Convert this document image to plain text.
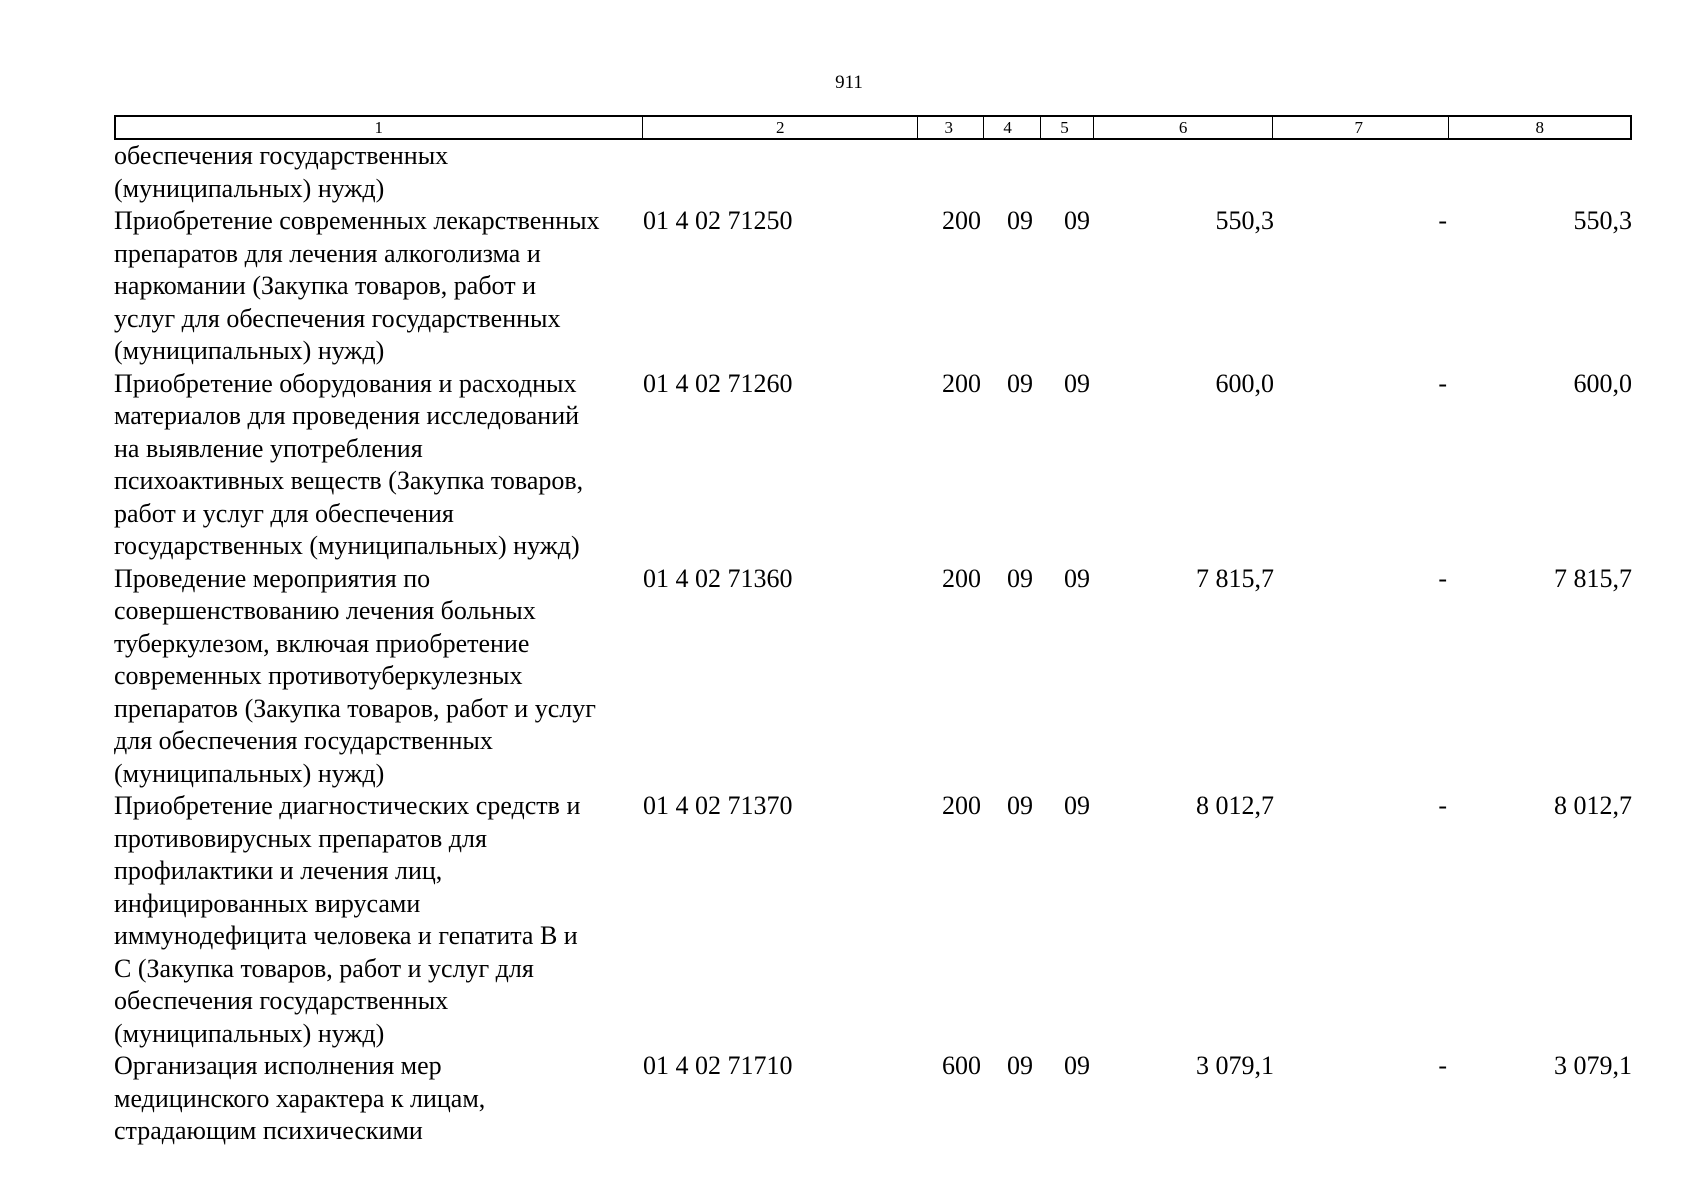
911
1	2	3	4	5	6	7	8
обеспечения государственных
(муниципальных) нужд)
Приобретение современных лекарственных
препаратов для лечения алкоголизма и
наркомании (Закупка товаров, работ и
услуг для обеспечения государственных
(муниципальных) нужд)
01 4 02 71250	200	09	09	550,3	-	550,3
Приобретение оборудования и расходных
материалов для проведения исследований
на выявление употребления
психоактивных веществ (Закупка товаров,
работ и услуг для обеспечения
государственных (муниципальных) нужд)
01 4 02 71260	200	09	09	600,0	-	600,0
Проведение мероприятия по
совершенствованию лечения больных
туберкулезом, включая приобретение
современных противотуберкулезных
препаратов (Закупка товаров, работ и услуг
для обеспечения государственных
(муниципальных) нужд)
01 4 02 71360	200	09	09	7 815,7	-	7 815,7
Приобретение диагностических средств и
противовирусных препаратов для
профилактики и лечения лиц,
инфицированных вирусами
иммунодефицита человека и гепатита B и
C (Закупка товаров, работ и услуг для
обеспечения государственных
(муниципальных) нужд)
01 4 02 71370	200	09	09	8 012,7	-	8 012,7
Организация исполнения мер
медицинского характера к лицам,
страдающим психическими
01 4 02 71710	600	09	09	3 079,1	-	3 079,1
